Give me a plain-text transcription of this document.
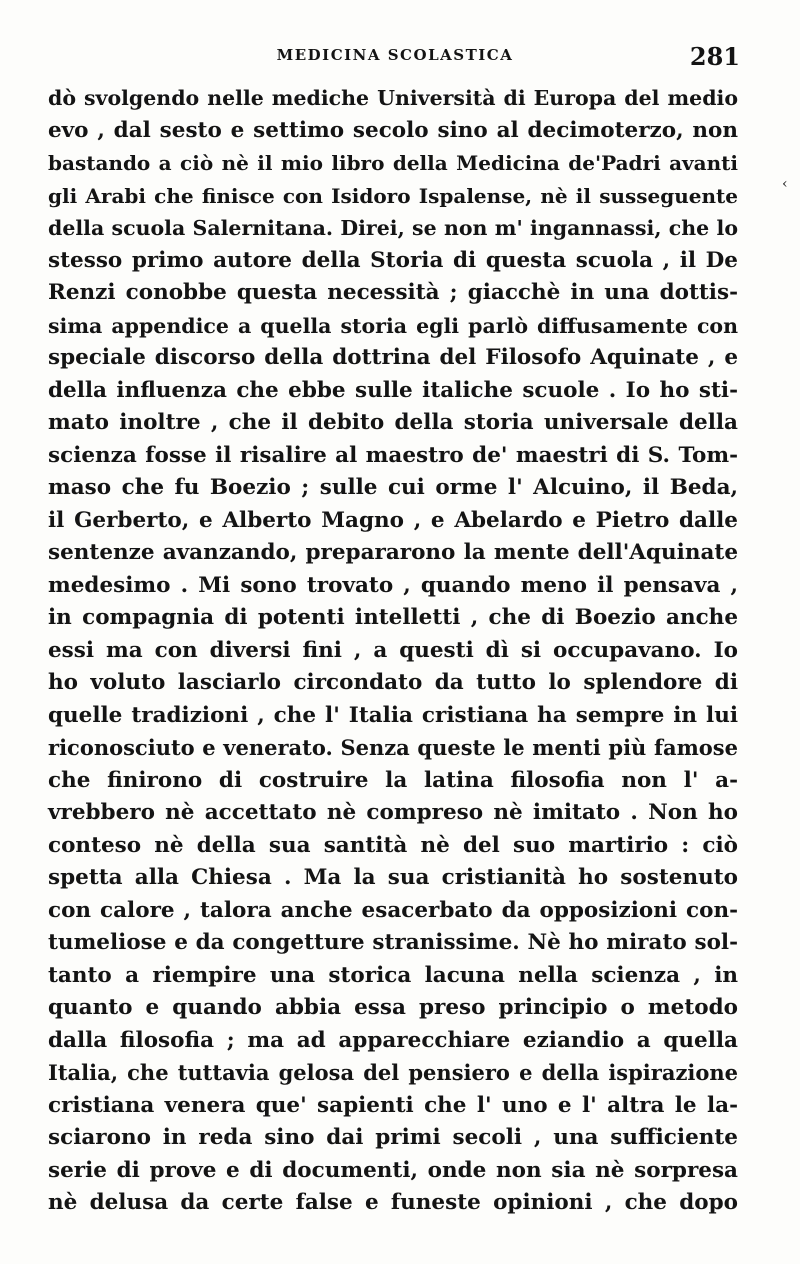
MEDICINA SCOLASTICA	281
‹
dò svolgendo nelle mediche Università di Europa del medio
evo , dal sesto e settimo secolo sino al decimoterzo, non
bastando a ciò nè il mio libro della Medicina de'Padri avanti
gli Arabi che finisce con Isidoro Ispalense, nè il susseguente
della scuola Salernitana. Direi, se non m' ingannassi, che lo
stesso primo autore della Storia di questa scuola , il De
Renzi conobbe questa necessità ; giacchè in una dottis-
sima appendice a quella storia egli parlò diffusamente con
speciale discorso della dottrina del Filosofo Aquinate , e
della influenza che ebbe sulle italiche scuole . Io ho sti-
mato inoltre , che il debito della storia universale della
scienza fosse il risalire al maestro de' maestri di S. Tom-
maso che fu Boezio ; sulle cui orme l' Alcuino, il Beda,
il Gerberto, e Alberto Magno , e Abelardo e Pietro dalle
sentenze avanzando, prepararono la mente dell'Aquinate
medesimo . Mi sono trovato , quando meno il pensava ,
in compagnia di potenti intelletti , che di Boezio anche
essi ma con diversi fini , a questi dì si occupavano. Io
ho voluto lasciarlo circondato da tutto lo splendore di
quelle tradizioni , che l' Italia cristiana ha sempre in lui
riconosciuto e venerato. Senza queste le menti più famose
che finirono di costruire la latina filosofia non l' a-
vrebbero nè accettato nè compreso nè imitato . Non ho
conteso nè della sua santità nè del suo martirio : ciò
spetta alla Chiesa . Ma la sua cristianità ho sostenuto
con calore , talora anche esacerbato da opposizioni con-
tumeliose e da congetture stranissime. Nè ho mirato sol-
tanto a riempire una storica lacuna nella scienza , in
quanto e quando abbia essa preso principio o metodo
dalla filosofia ; ma ad apparecchiare eziandio a quella
Italia, che tuttavia gelosa del pensiero e della ispirazione
cristiana venera que' sapienti che l' uno e l' altra le la-
sciarono in reda sino dai primi secoli , una sufficiente
serie di prove e di documenti, onde non sia nè sorpresa
nè delusa da certe false e funeste opinioni , che dopo
